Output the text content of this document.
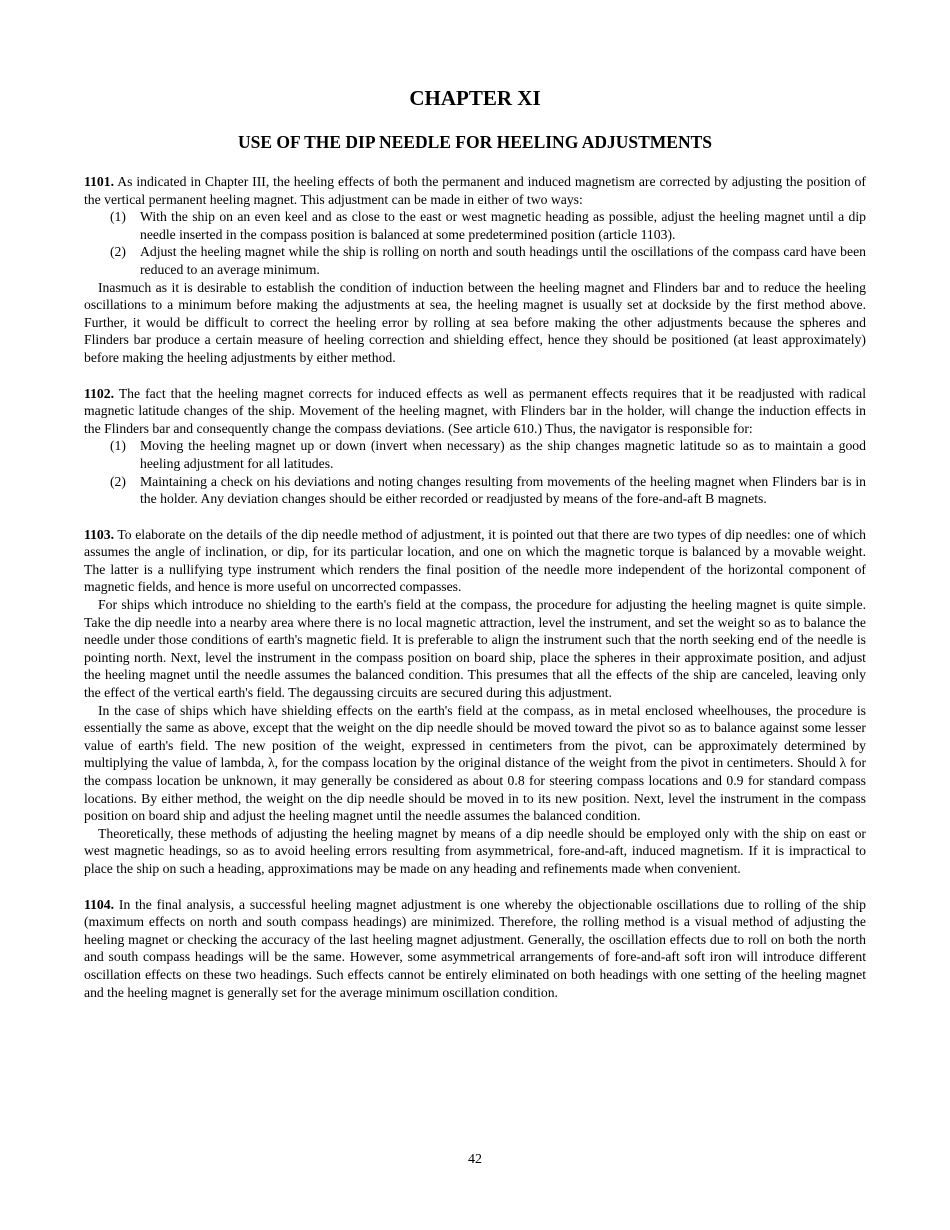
CHAPTER XI
USE OF THE DIP NEEDLE FOR HEELING ADJUSTMENTS

1101. As indicated in Chapter III, the heeling effects of both the permanent and induced magnetism are corrected by adjusting the position of the vertical permanent heeling magnet. This adjustment can be made in either of two ways:

(1) With the ship on an even keel and as close to the east or west magnetic heading as possible, adjust the heeling magnet until a dip needle inserted in the compass position is balanced at some predetermined position (article 1103).
(2) Adjust the heeling magnet while the ship is rolling on north and south headings until the oscillations of the compass card have been reduced to an average minimum.

Inasmuch as it is desirable to establish the condition of induction between the heeling magnet and Flinders bar and to reduce the heeling oscillations to a minimum before making the adjustments at sea, the heeling magnet is usually set at dockside by the first method above. Further, it would be difficult to correct the heeling error by rolling at sea before making the other adjustments because the spheres and Flinders bar produce a certain measure of heeling correction and shielding effect, hence they should be positioned (at least approximately) before making the heeling adjustments by either method.

1102. The fact that the heeling magnet corrects for induced effects as well as permanent effects requires that it be readjusted with radical magnetic latitude changes of the ship. Movement of the heeling magnet, with Flinders bar in the holder, will change the induction effects in the Flinders bar and consequently change the compass deviations. (See article 610.) Thus, the navigator is responsible for:

(1) Moving the heeling magnet up or down (invert when necessary) as the ship changes magnetic latitude so as to maintain a good heeling adjustment for all latitudes.
(2) Maintaining a check on his deviations and noting changes resulting from movements of the heeling magnet when Flinders bar is in the holder. Any deviation changes should be either recorded or readjusted by means of the fore-and-aft B magnets.

1103. To elaborate on the details of the dip needle method of adjustment, it is pointed out that there are two types of dip needles: one of which assumes the angle of inclination, or dip, for its particular location, and one on which the magnetic torque is balanced by a movable weight. The latter is a nullifying type instrument which renders the final position of the needle more independent of the horizontal component of magnetic fields, and hence is more useful on uncorrected compasses.

For ships which introduce no shielding to the earth's field at the compass, the procedure for adjusting the heeling magnet is quite simple. Take the dip needle into a nearby area where there is no local magnetic attraction, level the instrument, and set the weight so as to balance the needle under those conditions of earth's magnetic field. It is preferable to align the instrument such that the north seeking end of the needle is pointing north. Next, level the instrument in the compass position on board ship, place the spheres in their approximate position, and adjust the heeling magnet until the needle assumes the balanced condition. This presumes that all the effects of the ship are canceled, leaving only the effect of the vertical earth's field. The degaussing circuits are secured during this adjustment.

In the case of ships which have shielding effects on the earth's field at the compass, as in metal enclosed wheelhouses, the procedure is essentially the same as above, except that the weight on the dip needle should be moved toward the pivot so as to balance against some lesser value of earth's field. The new position of the weight, expressed in centimeters from the pivot, can be approximately determined by multiplying the value of lambda, λ, for the compass location by the original distance of the weight from the pivot in centimeters. Should λ for the compass location be unknown, it may generally be considered as about 0.8 for steering compass locations and 0.9 for standard compass locations. By either method, the weight on the dip needle should be moved in to its new position. Next, level the instrument in the compass position on board ship and adjust the heeling magnet until the needle assumes the balanced condition.

Theoretically, these methods of adjusting the heeling magnet by means of a dip needle should be employed only with the ship on east or west magnetic headings, so as to avoid heeling errors resulting from asymmetrical, fore-and-aft, induced magnetism. If it is impractical to place the ship on such a heading, approximations may be made on any heading and refinements made when convenient.

1104. In the final analysis, a successful heeling magnet adjustment is one whereby the objectionable oscillations due to rolling of the ship (maximum effects on north and south compass headings) are minimized. Therefore, the rolling method is a visual method of adjusting the heeling magnet or checking the accuracy of the last heeling magnet adjustment. Generally, the oscillation effects due to roll on both the north and south compass headings will be the same. However, some asymmetrical arrangements of fore-and-aft soft iron will introduce different oscillation effects on these two headings. Such effects cannot be entirely eliminated on both headings with one setting of the heeling magnet and the heeling magnet is generally set for the average minimum oscillation condition.

42
